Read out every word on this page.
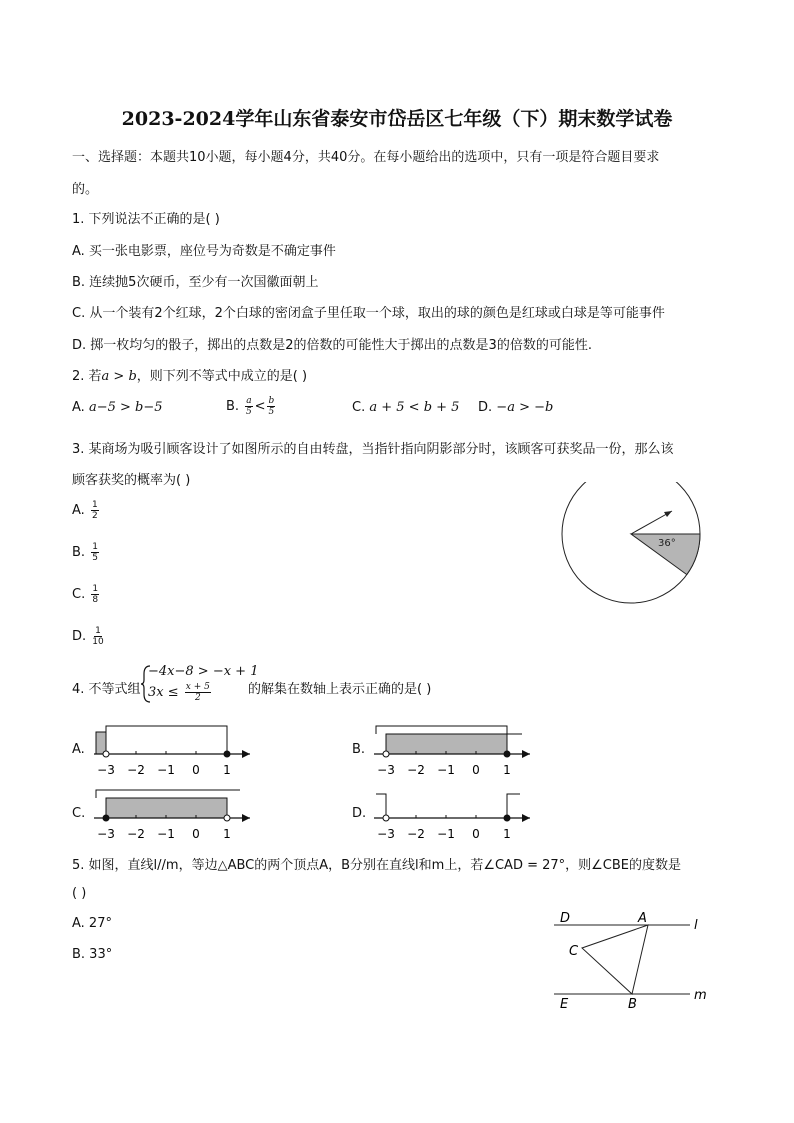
2023-2024学年山东省泰安市岱岳区七年级（下）期末数学试卷
一、选择题：本题共10小题，每小题4分，共40分。在每小题给出的选项中，只有一项是符合题目要求
的。
1. 下列说法不正确的是( )
A. 买一张电影票，座位号为奇数是不确定事件
B. 连续抛5次硬币，至少有一次国徽面朝上
C. 从一个装有2个红球，2个白球的密闭盒子里任取一个球，取出的球的颜色是红球或白球是等可能事件
D. 掷一枚均匀的骰子，掷出的点数是2的倍数的可能性大于掷出的点数是3的倍数的可能性.
2. 若a > b，则下列不等式中成立的是( )
A. a−5 > b−5	B. $\frac{a}{5} < \frac{b}{5}$	C. a + 5 < b + 5 D. −a > −b
3. 某商场为吸引顾客设计了如图所示的自由转盘，当指针指向阴影部分时，该顾客可获奖品一份，那么该
顾客获奖的概率为( )
A. $\frac{1}{2}$
B. $\frac{1}{5}$
C. $\frac{1}{8}$
D. $\frac{1}{10}$
36°
4. 不等式组
−4x−8 > −x + 1
$3x \le \frac{x + 5}{2}$	的解集在数轴上表示正确的是( )
A.
−3 −2 −1 0 1
B.
−3 −2 −1 0 1
C.
−3 −2 −1 0 1
D.
−3 −2 −1 0 1
5. 如图，直线l//m，等边△ABC的两个顶点A，B分别在直线l和m上，若∠CAD = 27°，则∠CBE的度数是
( )
A. 27°
B. 33°
D	A	l
C
E	B
m
